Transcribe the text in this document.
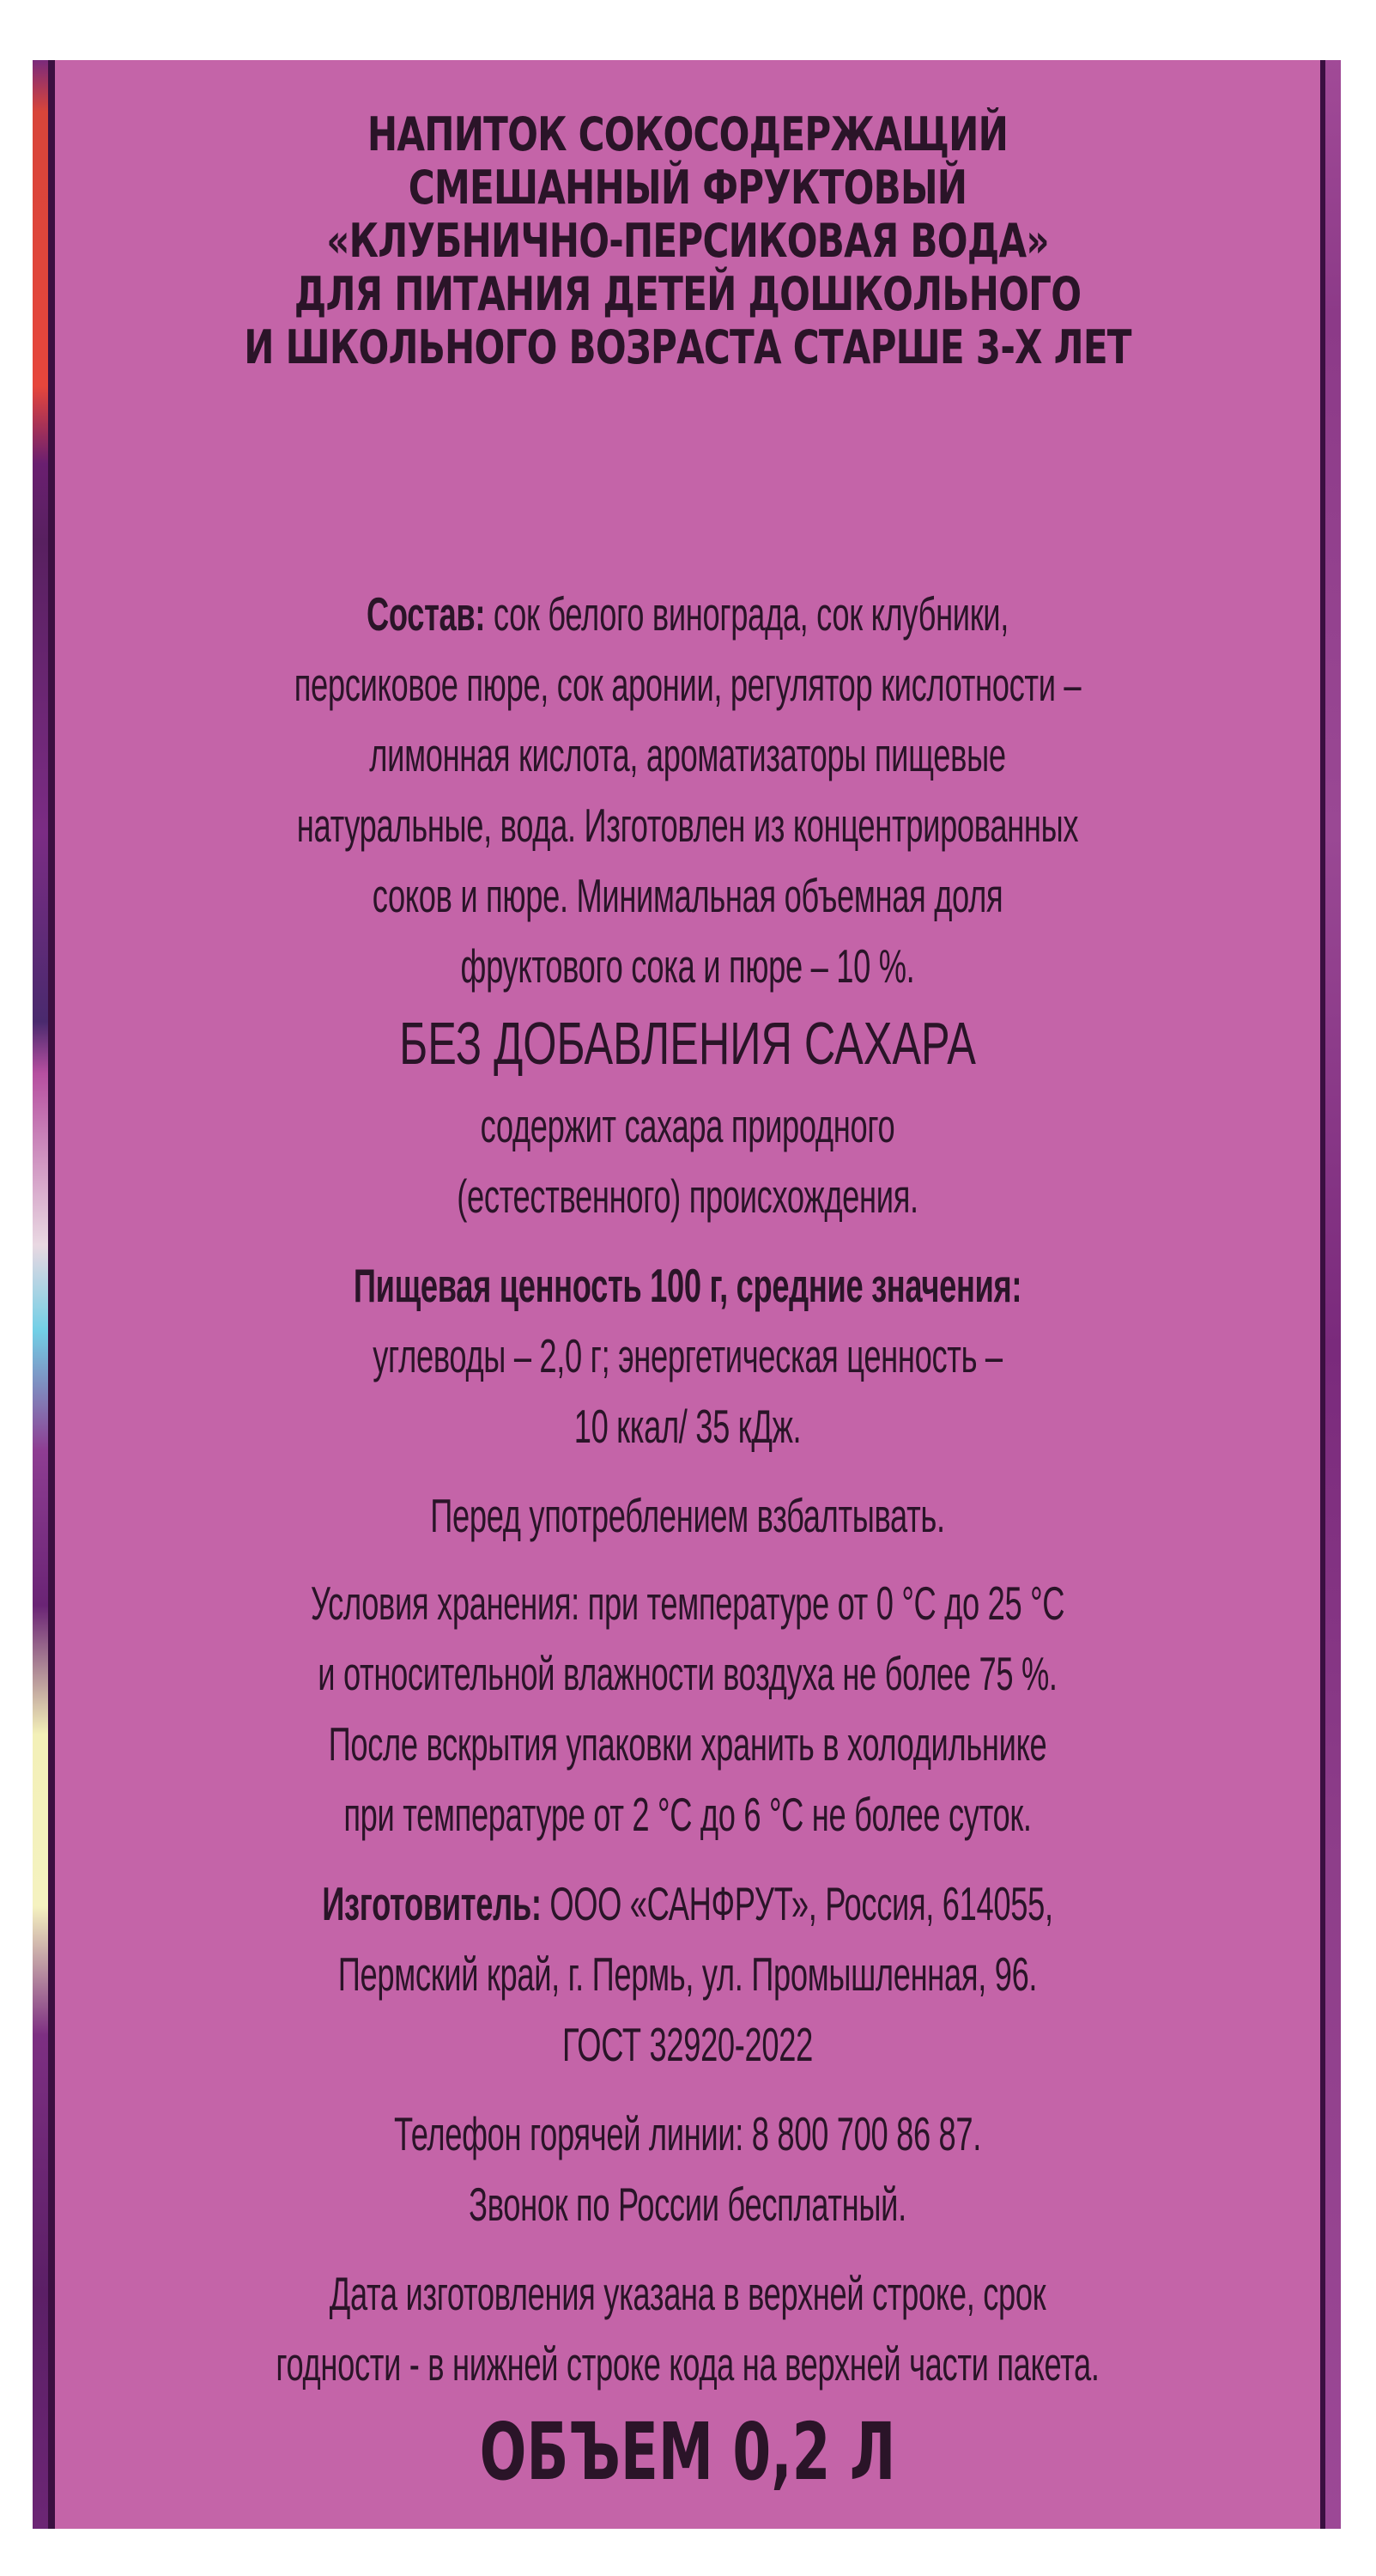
НАПИТОК СОКОСОДЕРЖАЩИЙ
СМЕШАННЫЙ ФРУКТОВЫЙ
«КЛУБНИЧНО-ПЕРСИКОВАЯ ВОДА»
ДЛЯ ПИТАНИЯ ДЕТЕЙ ДОШКОЛЬНОГО
И ШКОЛЬНОГО ВОЗРАСТА СТАРШЕ 3-Х ЛЕТ
Состав: сок белого винограда, сок клубники,
персиковое пюре, сок аронии, регулятор кислотности –
лимонная кислота, ароматизаторы пищевые
натуральные, вода. Изготовлен из концентрированных
соков и пюре. Минимальная объемная доля
фруктового сока и пюре – 10 %.
БЕЗ ДОБАВЛЕНИЯ САХАРА
содержит сахара природного
(естественного) происхождения.
Пищевая ценность 100 г, средние значения:
углеводы – 2,0 г; энергетическая ценность –
10 ккал/ 35 кДж.
Перед употреблением взбалтывать.
Условия хранения: при температуре от 0 °С до 25 °С
и относительной влажности воздуха не более 75 %.
После вскрытия упаковки хранить в холодильнике
при температуре от 2 °С до 6 °С не более суток.
Изготовитель: ООО «САНФРУТ», Россия, 614055,
Пермский край, г. Пермь, ул. Промышленная, 96.
ГОСТ 32920-2022
Телефон горячей линии: 8 800 700 86 87.
Звонок по России бесплатный.
Дата изготовления указана в верхней строке, срок
годности - в нижней строке кода на верхней части пакета.
ОБЪЕМ 0,2 Л
